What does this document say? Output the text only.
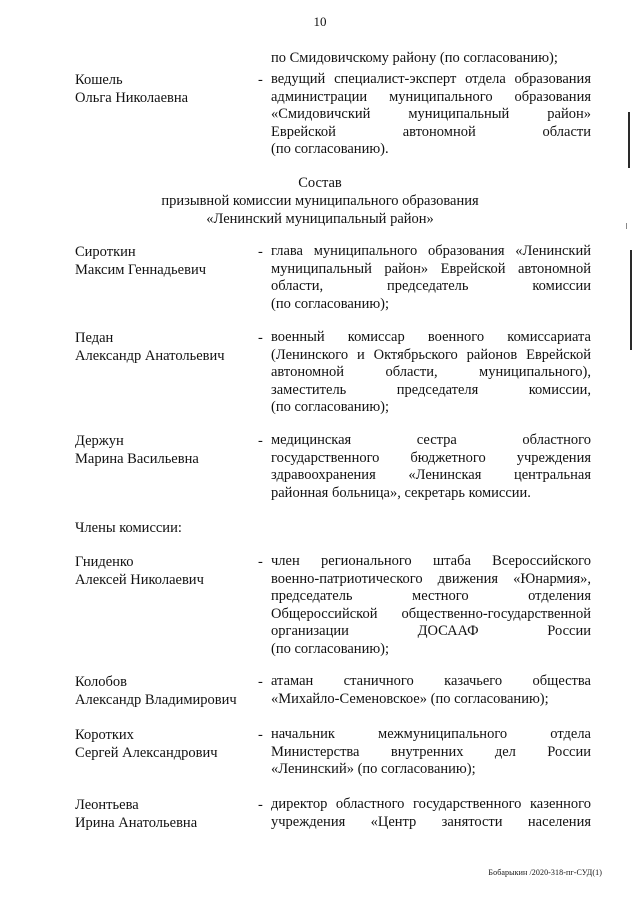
10
по Смидовичскому району (по согласованию);
Кошель
Ольга Николаевна
- ведущий специалист-эксперт отдела образования
администрации муниципального образования
«Смидовичский муниципальный район»
Еврейской автономной области
(по согласованию).
Состав
призывной комиссии муниципального образования
«Ленинский муниципальный район»
Сироткин
Максим Геннадьевич
- глава муниципального образования «Ленинский
муниципальный район» Еврейской автономной
области, председатель комиссии
(по согласованию);
Педан
Александр Анатольевич
- военный комиссар военного комиссариата
(Ленинского и Октябрьского районов Еврейской
автономной области, муниципального),
заместитель председателя комиссии,
(по согласованию);
Держун
Марина Васильевна
- медицинская сестра областного
государственного бюджетного учреждения
здравоохранения «Ленинская центральная
районная больница», секретарь комиссии.
Члены комиссии:
Гниденко
Алексей Николаевич
- член регионального штаба Всероссийского
военно-патриотического движения «Юнармия»,
председатель местного отделения
Общероссийской общественно-государственной
организации ДОСААФ России
(по согласованию);
Колобов
Александр Владимирович
- атаман станичного казачьего общества
«Михайло-Семеновское» (по согласованию);
Коротких
Сергей Александрович
- начальник межмуниципального отдела
Министерства внутренних дел России
«Ленинский» (по согласованию);
Леонтьева
Ирина Анатольевна
- директор областного государственного казенного
учреждения «Центр занятости населения
Бобарыкин /2020-318-пг-СУД(1)
